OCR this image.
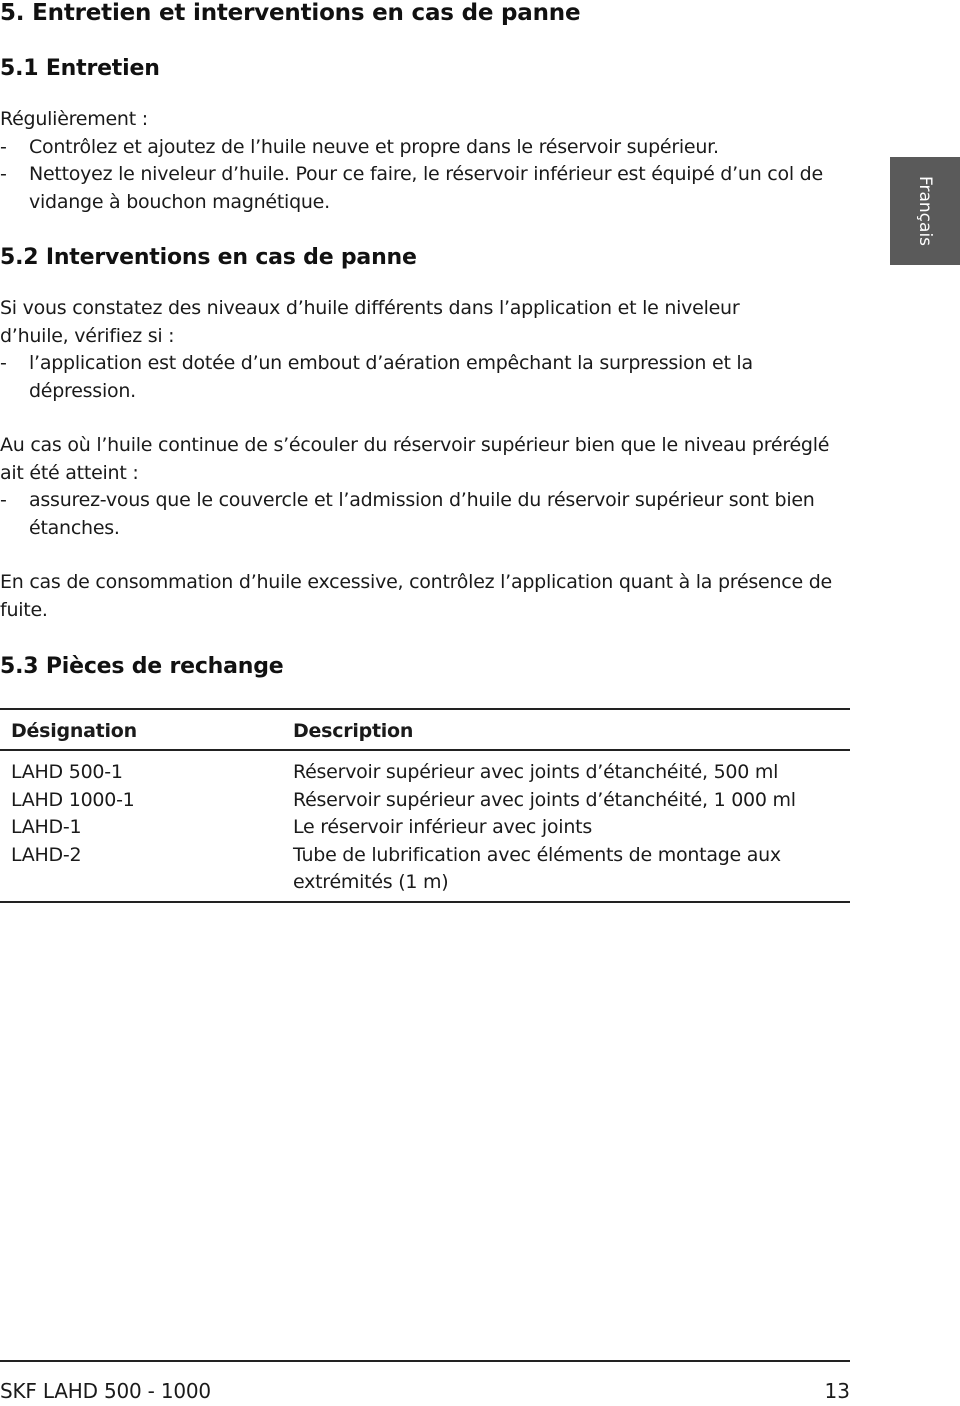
5. Entretien et interventions en cas de panne
5.1 Entretien

Régulièrement :

- Contrôlez et ajoutez de l’huile neuve et propre dans le réservoir supérieur.

- Nettoyez le niveleur d’huile. Pour ce faire, le réservoir inférieur est équipé d’un col de vidange à bouchon magnétique.	Français
5.2 Interventions en cas de panne

Si vous constatez des niveaux d’huile différents dans l’application et le niveleur d’huile, vérifiez si :

- l’application est dotée d’un embout d’aération empêchant la surpression et la dépression.

Au cas où l’huile continue de s’écouler du réservoir supérieur bien que le niveau préréglé ait été atteint :

- assurez-vous que le couvercle et l’admission d’huile du réservoir supérieur sont bien étanches.

En cas de consommation d’huile excessive, contrôlez l’application quant à la présence de fuite.

5.3 Pièces de rechange
Désignation	Description
LAHD 500-1	Réservoir supérieur avec joints d’étanchéité, 500 ml
LAHD 1000-1	Réservoir supérieur avec joints d’étanchéité, 1 000 ml
LAHD-1	Le réservoir inférieur avec joints
LAHD-2	Tube de lubrification avec éléments de montage aux extrémités (1 m)
SKF LAHD 500 - 1000	13
